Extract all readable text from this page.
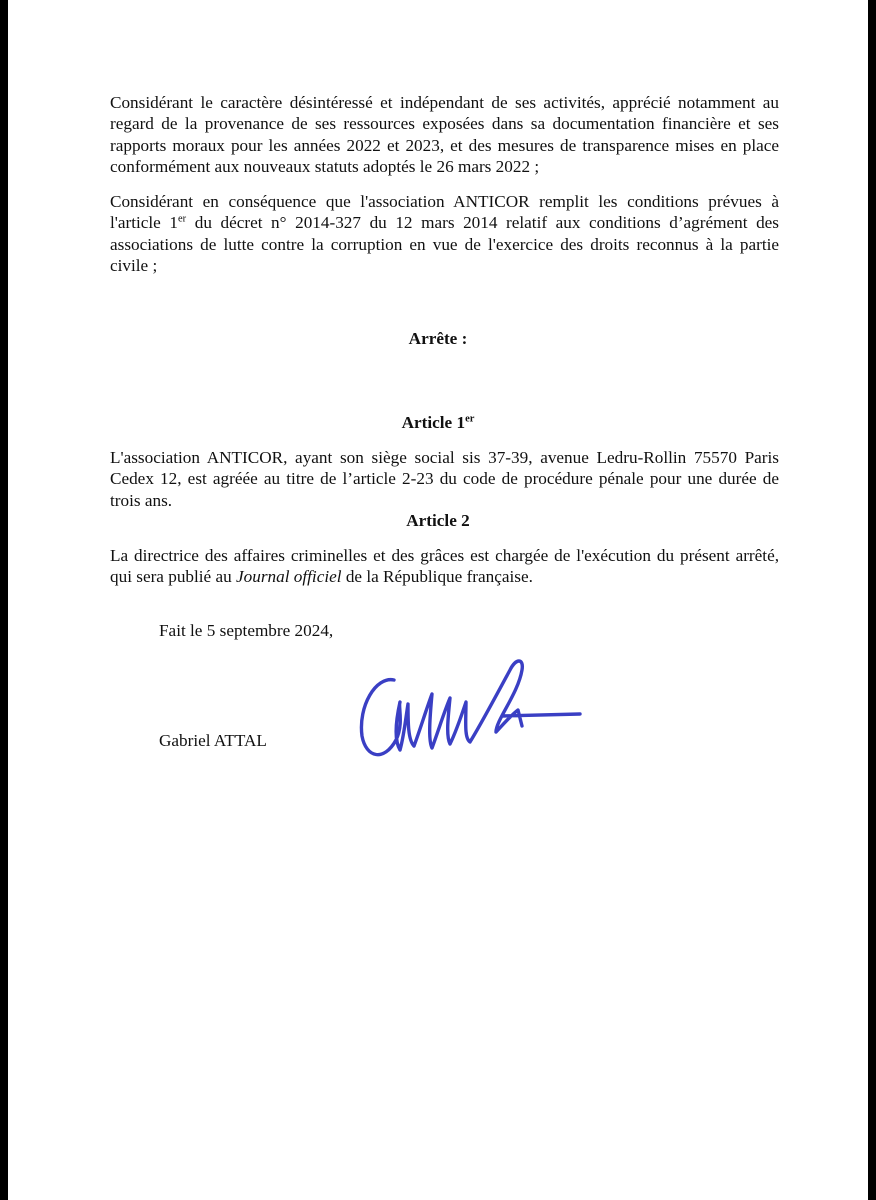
Considérant le caractère désintéressé et indépendant de ses activités, apprécié notamment au regard de la provenance de ses ressources exposées dans sa documentation financière et ses rapports moraux pour les années 2022 et 2023, et des mesures de transparence mises en place conformément aux nouveaux statuts adoptés le 26 mars 2022 ;

Considérant en conséquence que l'association ANTICOR remplit les conditions prévues à l'article 1er du décret n° 2014-327 du 12 mars 2014 relatif aux conditions d’agrément des associations de lutte contre la corruption en vue de l'exercice des droits reconnus à la partie civile ;

Arrête :

Article 1er

L'association ANTICOR, ayant son siège social sis 37-39, avenue Ledru-Rollin 75570 Paris Cedex 12, est agréée au titre de l’article 2-23 du code de procédure pénale pour une durée de trois ans.

Article 2

La directrice des affaires criminelles et des grâces est chargée de l'exécution du présent arrêté, qui sera publié au Journal officiel de la République française.

Fait le 5 septembre 2024,

Gabriel ATTAL
